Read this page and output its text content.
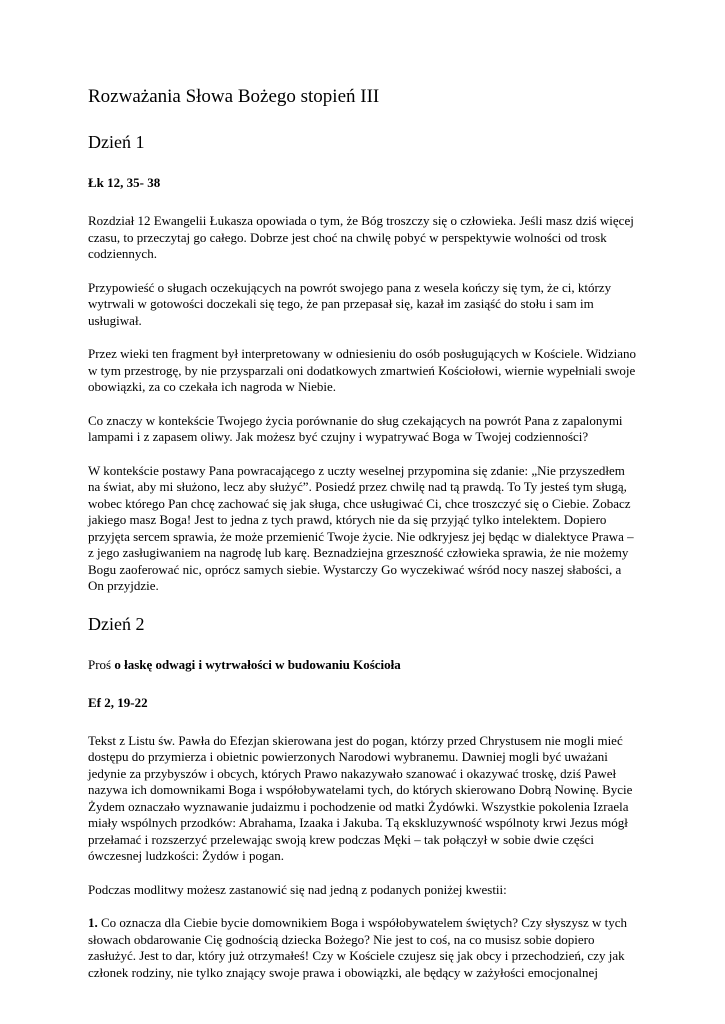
Rozważania Słowa Bożego stopień III
Dzień 1
Łk 12, 35- 38

Rozdział 12 Ewangelii Łukasza opowiada o tym, że Bóg troszczy się o człowieka. Jeśli masz dziś więcej czasu, to przeczytaj go całego. Dobrze jest choć na chwilę pobyć w perspektywie wolności od trosk codziennych.

Przypowieść o sługach oczekujących na powrót swojego pana z wesela kończy się tym, że ci, którzy wytrwali w gotowości doczekali się tego, że pan przepasał się, kazał im zasiąść do stołu i sam im usługiwał.

Przez wieki ten fragment był interpretowany w odniesieniu do osób posługujących w Kościele. Widziano w tym przestrogę, by nie przysparzali oni dodatkowych zmartwień Kościołowi, wiernie wypełniali swoje obowiązki, za co czekała ich nagroda w Niebie.

Co znaczy w kontekście Twojego życia porównanie do sług czekających na powrót Pana z zapalonymi lampami i z zapasem oliwy. Jak możesz być czujny i wypatrywać Boga w Twojej codzienności?

W kontekście postawy Pana powracającego z uczty weselnej przypomina się zdanie: „Nie przyszedłem na świat, aby mi służono, lecz aby służyć”. Posiedź przez chwilę nad tą prawdą. To Ty jesteś tym sługą, wobec którego Pan chcę zachować się jak sługa, chce usługiwać Ci, chce troszczyć się o Ciebie. Zobacz jakiego masz Boga! Jest to jedna z tych prawd, których nie da się przyjąć tylko intelektem. Dopiero przyjęta sercem sprawia, że może przemienić Twoje życie. Nie odkryjesz jej będąc w dialektyce Prawa – z jego zasługiwaniem na nagrodę lub karę. Beznadziejna grzeszność człowieka sprawia, że nie możemy Bogu zaoferować nic, oprócz samych siebie. Wystarczy Go wyczekiwać wśród nocy naszej słabości, a On przyjdzie.

Dzień 2
Proś o łaskę odwagi i wytrwałości w budowaniu Kościoła
Ef 2, 19-22

Tekst z Listu św. Pawła do Efezjan skierowana jest do pogan, którzy przed Chrystusem nie mogli mieć dostępu do przymierza i obietnic powierzonych Narodowi wybranemu. Dawniej mogli być uważani jedynie za przybyszów i obcych, których Prawo nakazywało szanować i okazywać troskę, dziś Paweł nazywa ich domownikami Boga i współobywatelami tych, do których skierowano Dobrą Nowinę. Bycie Żydem oznaczało wyznawanie judaizmu i pochodzenie od matki Żydówki. Wszystkie pokolenia Izraela miały wspólnych przodków: Abrahama, Izaaka i Jakuba. Tą ekskluzywność wspólnoty krwi Jezus mógł przełamać i rozszerzyć przelewając swoją krew podczas Męki – tak połączył w sobie dwie części ówczesnej ludzkości: Żydów i pogan.

Podczas modlitwy możesz zastanowić się nad jedną z podanych poniżej kwestii:

1. Co oznacza dla Ciebie bycie domownikiem Boga i współobywatelem świętych? Czy słyszysz w tych słowach obdarowanie Cię godnością dziecka Bożego? Nie jest to coś, na co musisz sobie dopiero zasłużyć. Jest to dar, który już otrzymałeś! Czy w Kościele czujesz się jak obcy i przechodzień, czy jak członek rodziny, nie tylko znający swoje prawa i obowiązki, ale będący w zażyłości emocjonalnej
